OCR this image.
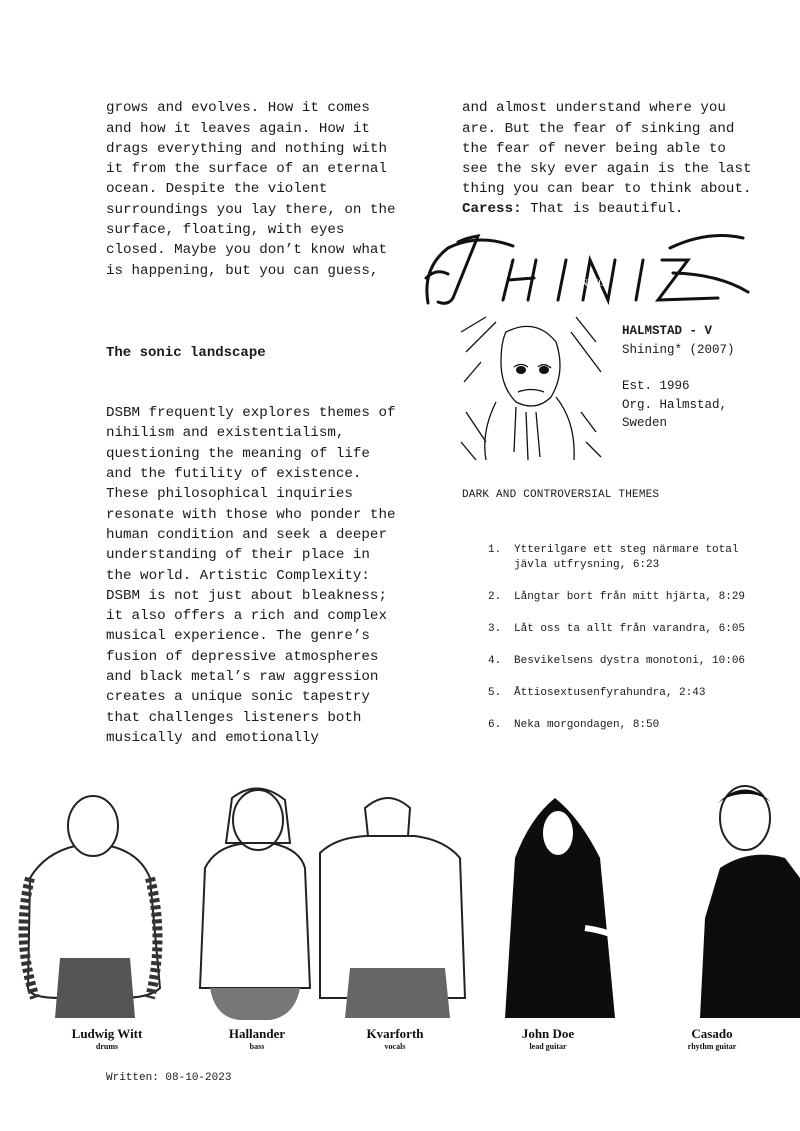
grows and evolves. How it comes
and how it leaves again. How it
drags everything and nothing with
it from the surface of an eternal
ocean. Despite the violent
surroundings you lay there, on the
surface, floating, with eyes
closed. Maybe you don’t know what
is happening, but you can guess,

The sonic landscape

DSBM frequently explores themes of
nihilism and existentialism,
questioning the meaning of life
and the futility of existence.
These philosophical inquiries
resonate with those who ponder the
human condition and seek a deeper
understanding of their place in
the world. Artistic Complexity:
DSBM is not just about bleakness;
it also offers a rich and complex
musical experience. The genre’s
fusion of depressive atmospheres
and black metal’s raw aggression
creates a unique sonic tapestry
that challenges listeners both
musically and emotionally

and almost understand where you
are. But the fear of sinking and
the fear of never being able to
see the sky ever again is the last
thing you can bear to think about.

Caress: That is beautiful.
SHINING
HALMSTAD - V
Shining* (2007)
Est. 1996
Org. Halmstad,
Sweden
DARK AND CONTROVERSIAL THEMES
1.	Ytterilgare ett steg närmare total jävla utfrysning, 6:23
2.	Långtar bort från mitt hjärta, 8:29
3.	Låt oss ta allt från varandra, 6:05
4.	Besvikelsens dystra monotoni, 10:06
5.	Åttiosextusenfyrahundra, 2:43
6.	Neka morgondagen, 8:50
Ludwig Witt
drums
Hallander
bass
Kvarforth
vocals
John Doe
lead guitar
Casado
rhythm guitar
Written: 08-10-2023
